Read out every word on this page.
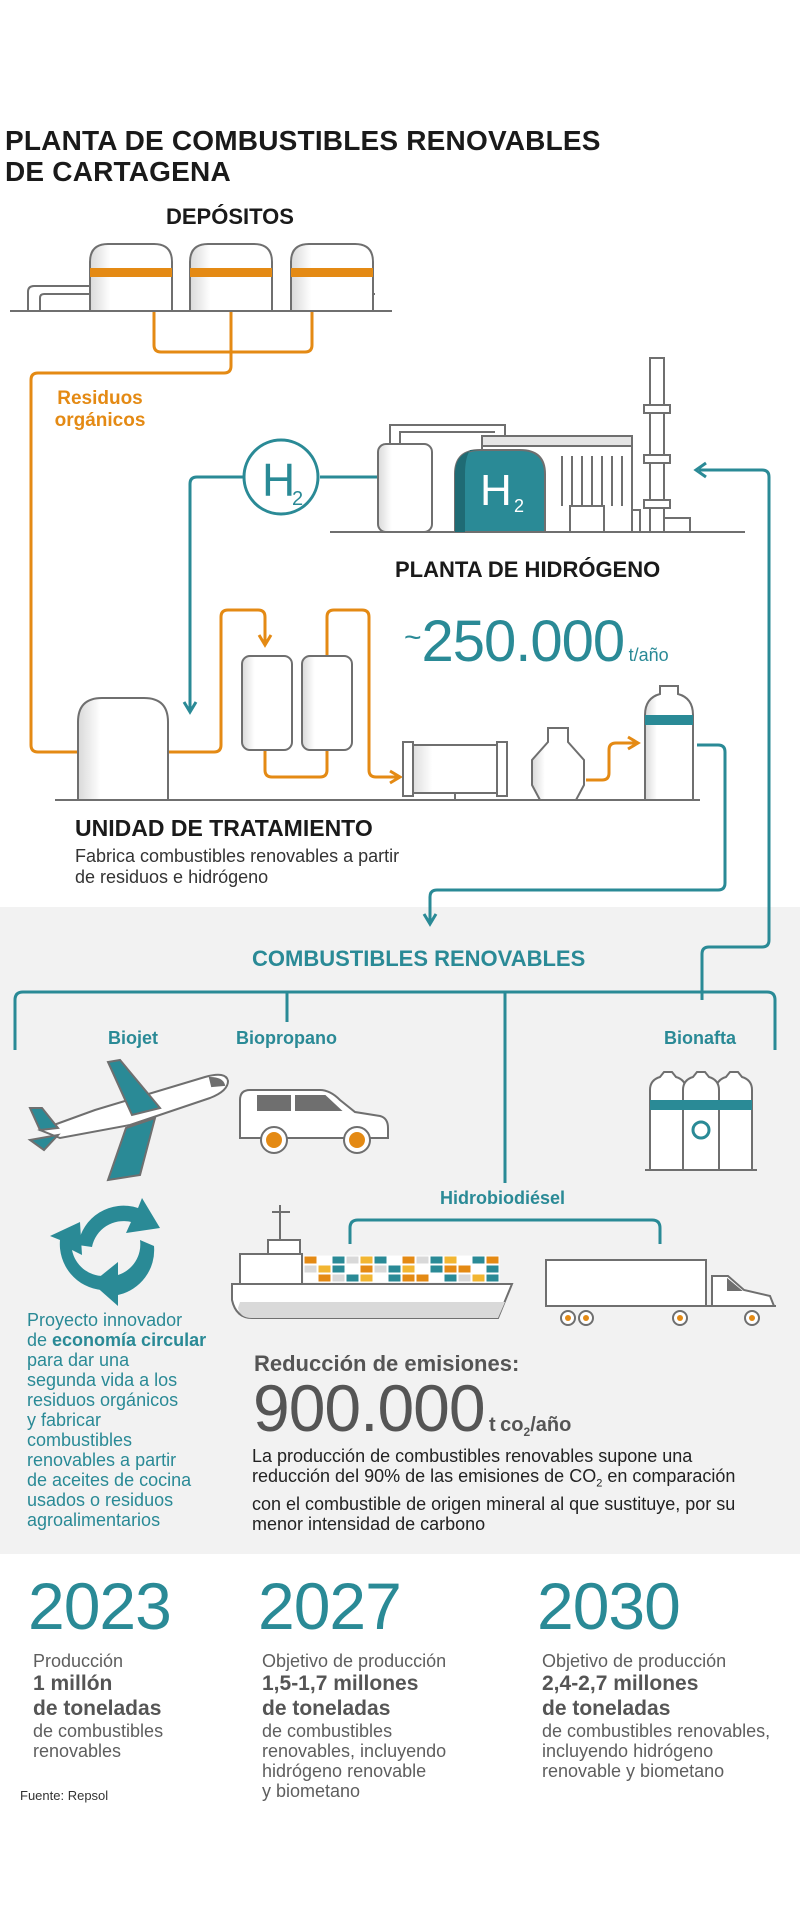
PLANTA DE COMBUSTIBLES RENOVABLES
DE CARTAGENA
H
2	H 2
DEPÓSITOS
Residuos
orgánicos
PLANTA DE HIDRÓGENO
~250.000 t/año
UNIDAD DE TRATAMIENTO
Fabrica combustibles renovables a partir
de residuos e hidrógeno
COMBUSTIBLES RENOVABLES
Biojet	Biopropano	Bionafta
Hidrobiodiésel
Proyecto innovador
de economía circular
para dar una
segunda vida a los
residuos orgánicos
y fabricar
combustibles
renovables a partir
de aceites de cocina
usados o residuos
agroalimentarios
Reducción de emisiones:
900.000 t $co_2$/año
La producción de combustibles renovables supone una
reducción del 90% de las emisiones de $CO_2$ en comparación
con el combustible de origen mineral al que sustituye, por su
menor intensidad de carbono
2023
Producción
1 millón
de toneladas
de combustibles
renovables
2027
Objetivo de producción
1,5-1,7 millones
de toneladas
de combustibles
renovables, incluyendo
hidrógeno renovable
y biometano
2030
Objetivo de producción
2,4-2,7 millones
de toneladas
de combustibles renovables,
incluyendo hidrógeno
renovable y biometano
Fuente: Repsol
